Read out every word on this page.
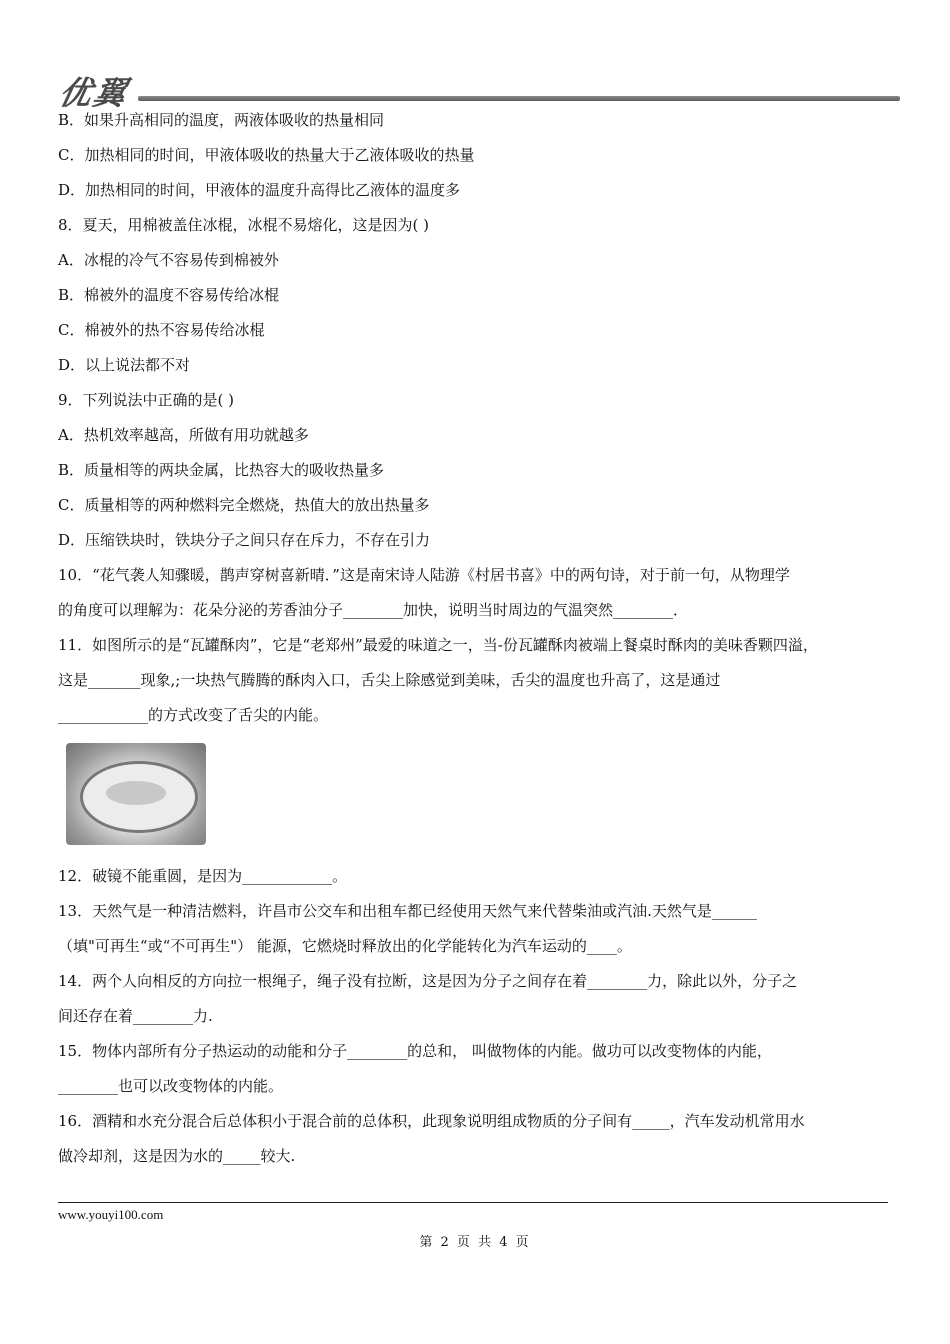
优翼
B．如果升高相同的温度，两液体吸收的热量相同
C．加热相同的时间，甲液体吸收的热量大于乙液体吸收的热量
D．加热相同的时间，甲液体的温度升高得比乙液体的温度多
8．夏天，用棉被盖住冰棍，冰棍不易熔化，这是因为( )
A．冰棍的冷气不容易传到棉被外
B．棉被外的温度不容易传给冰棍
C．棉被外的热不容易传给冰棍
D．以上说法都不对
9．下列说法中正确的是( )
A．热机效率越高，所做有用功就越多
B．质量相等的两块金属，比热容大的吸收热量多
C．质量相等的两种燃料完全燃烧，热值大的放出热量多
D．压缩铁块时，铁块分子之间只存在斥力，不存在引力
10．“花气袭人知骤暖，鹊声穿树喜新晴．”这是南宋诗人陆游《村居书喜》中的两句诗，对于前一句，从物理学
的角度可以理解为：花朵分泌的芳香油分子________加快，说明当时周边的气温突然________．
11．如图所示的是“瓦罐酥肉”，它是“老郑州”最爱的味道之一，当-份瓦罐酥肉被端上餐桌时酥肉的美味香颗四溢，
这是_______现象,;一块热气腾腾的酥肉入口，舌尖上除感觉到美味，舌尖的温度也升高了，这是通过
____________的方式改变了舌尖的内能。
12．破镜不能重圆，是因为____________。
13．天然气是一种清洁燃料，许昌市公交车和出租车都已经使用天然气来代替柴油或汽油.天然气是______
（填"可再生“或“不可再生"） 能源，它燃烧时释放出的化学能转化为汽车运动的____。
14．两个人向相反的方向拉一根绳子，绳子没有拉断，这是因为分子之间存在着________力，除此以外，分子之
间还存在着________力.
15．物体内部所有分子热运动的动能和分子________的总和， 叫做物体的内能。做功可以改变物体的内能，
________也可以改变物体的内能。
16．酒精和水充分混合后总体积小于混合前的总体积，此现象说明组成物质的分子间有_____，汽车发动机常用水
做冷却剂，这是因为水的_____较大.
www.youyi100.com
第 2 页 共 4 页
